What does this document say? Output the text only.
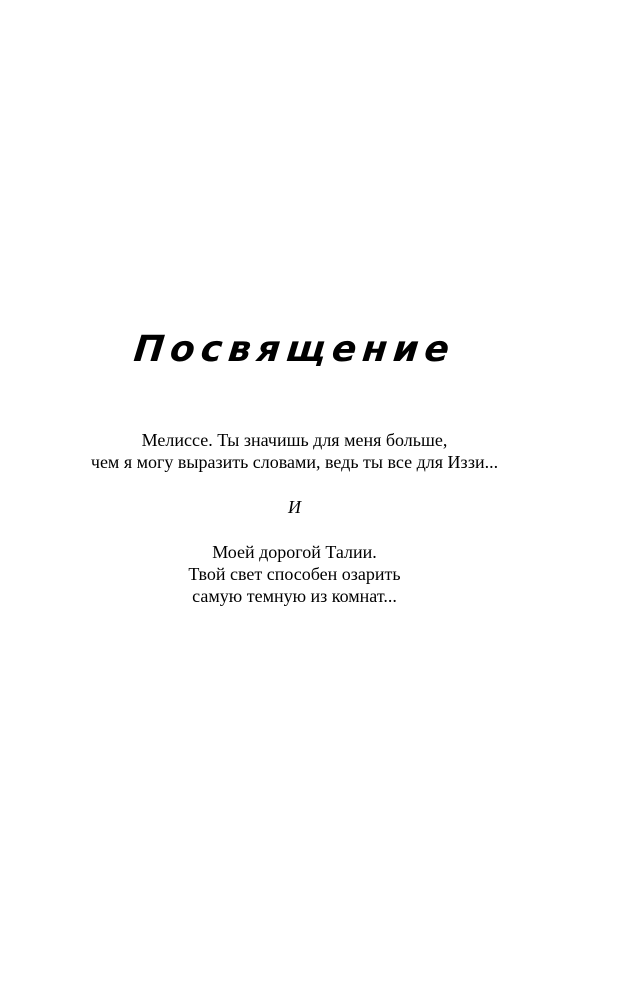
Посвящение
Мелиссе. Ты значишь для меня больше,
чем я могу выразить словами, ведь ты все для Иззи...
И
Моей дорогой Талии.
Твой свет способен озарить
самую темную из комнат...
